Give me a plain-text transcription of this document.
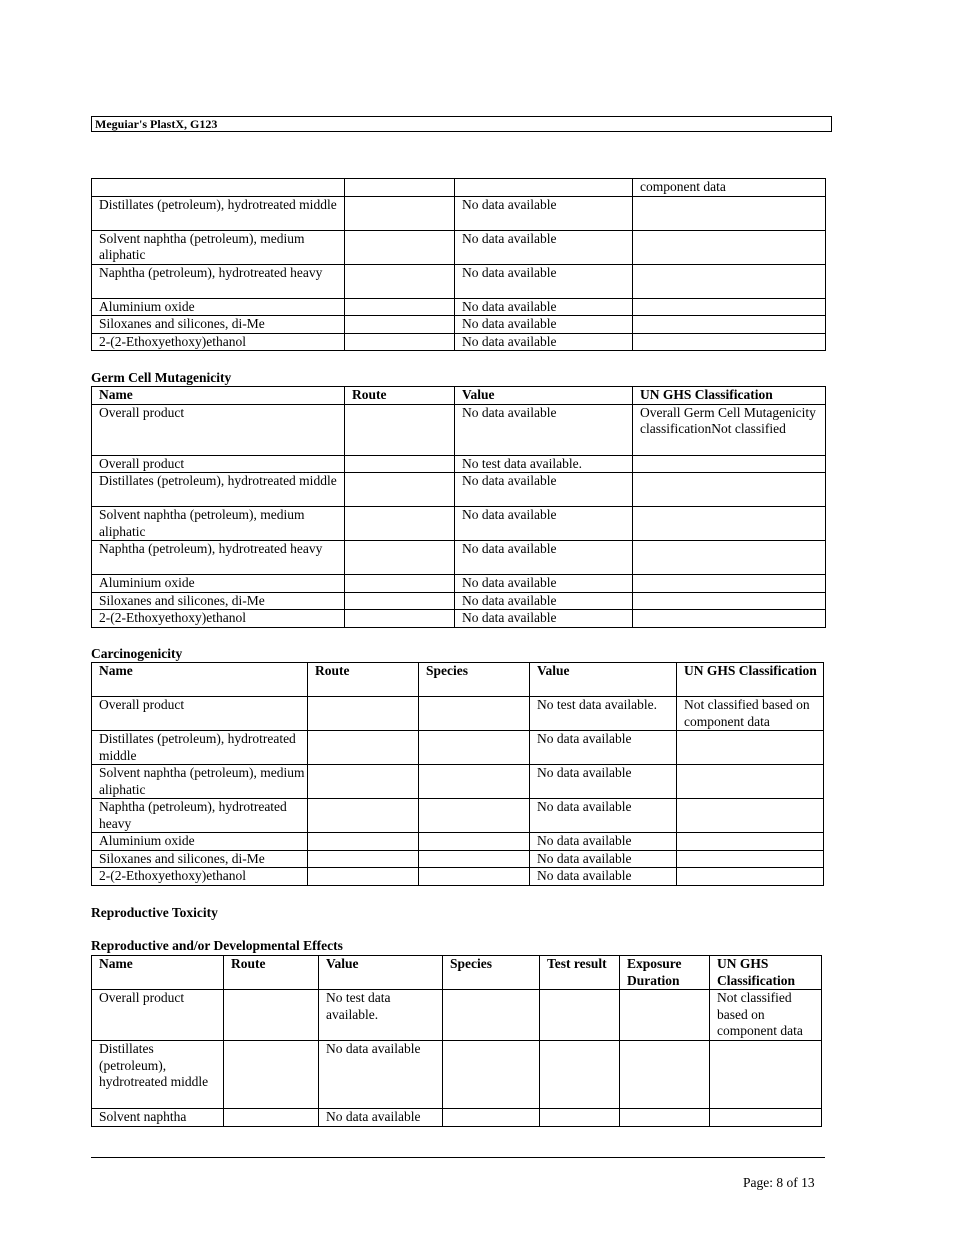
Meguiar's PlastX, G123
			component data
Distillates (petroleum), hydrotreated middle		No data available	
Solvent naphtha (petroleum), medium aliphatic		No data available	
Naphtha (petroleum), hydrotreated heavy		No data available	
Aluminium oxide		No data available	
Siloxanes and silicones, di-Me		No data available	
2-(2-Ethoxyethoxy)ethanol		No data available	
Germ Cell Mutagenicity
Name	Route	Value	UN GHS Classification
Overall product		No data available	Overall Germ Cell Mutagenicity classificationNot classified
Overall product		No test data available.	
Distillates (petroleum), hydrotreated middle		No data available	
Solvent naphtha (petroleum), medium aliphatic		No data available	
Naphtha (petroleum), hydrotreated heavy		No data available	
Aluminium oxide		No data available	
Siloxanes and silicones, di-Me		No data available	
2-(2-Ethoxyethoxy)ethanol		No data available	
Carcinogenicity
Name	Route	Species	Value	UN GHS Classification
Overall product			No test data available.	Not classified based on component data
Distillates (petroleum), hydrotreated middle			No data available	
Solvent naphtha (petroleum), medium aliphatic			No data available	
Naphtha (petroleum), hydrotreated heavy			No data available	
Aluminium oxide			No data available	
Siloxanes and silicones, di-Me			No data available	
2-(2-Ethoxyethoxy)ethanol			No data available	
Reproductive Toxicity
Reproductive and/or Developmental Effects
Name	Route	Value	Species	Test result	Exposure Duration	UN GHS Classification
Overall product		No test data available.				Not classified based on component data
Distillates (petroleum), hydrotreated middle		No data available				
Solvent naphtha		No data available				
Page: 8 of 13
